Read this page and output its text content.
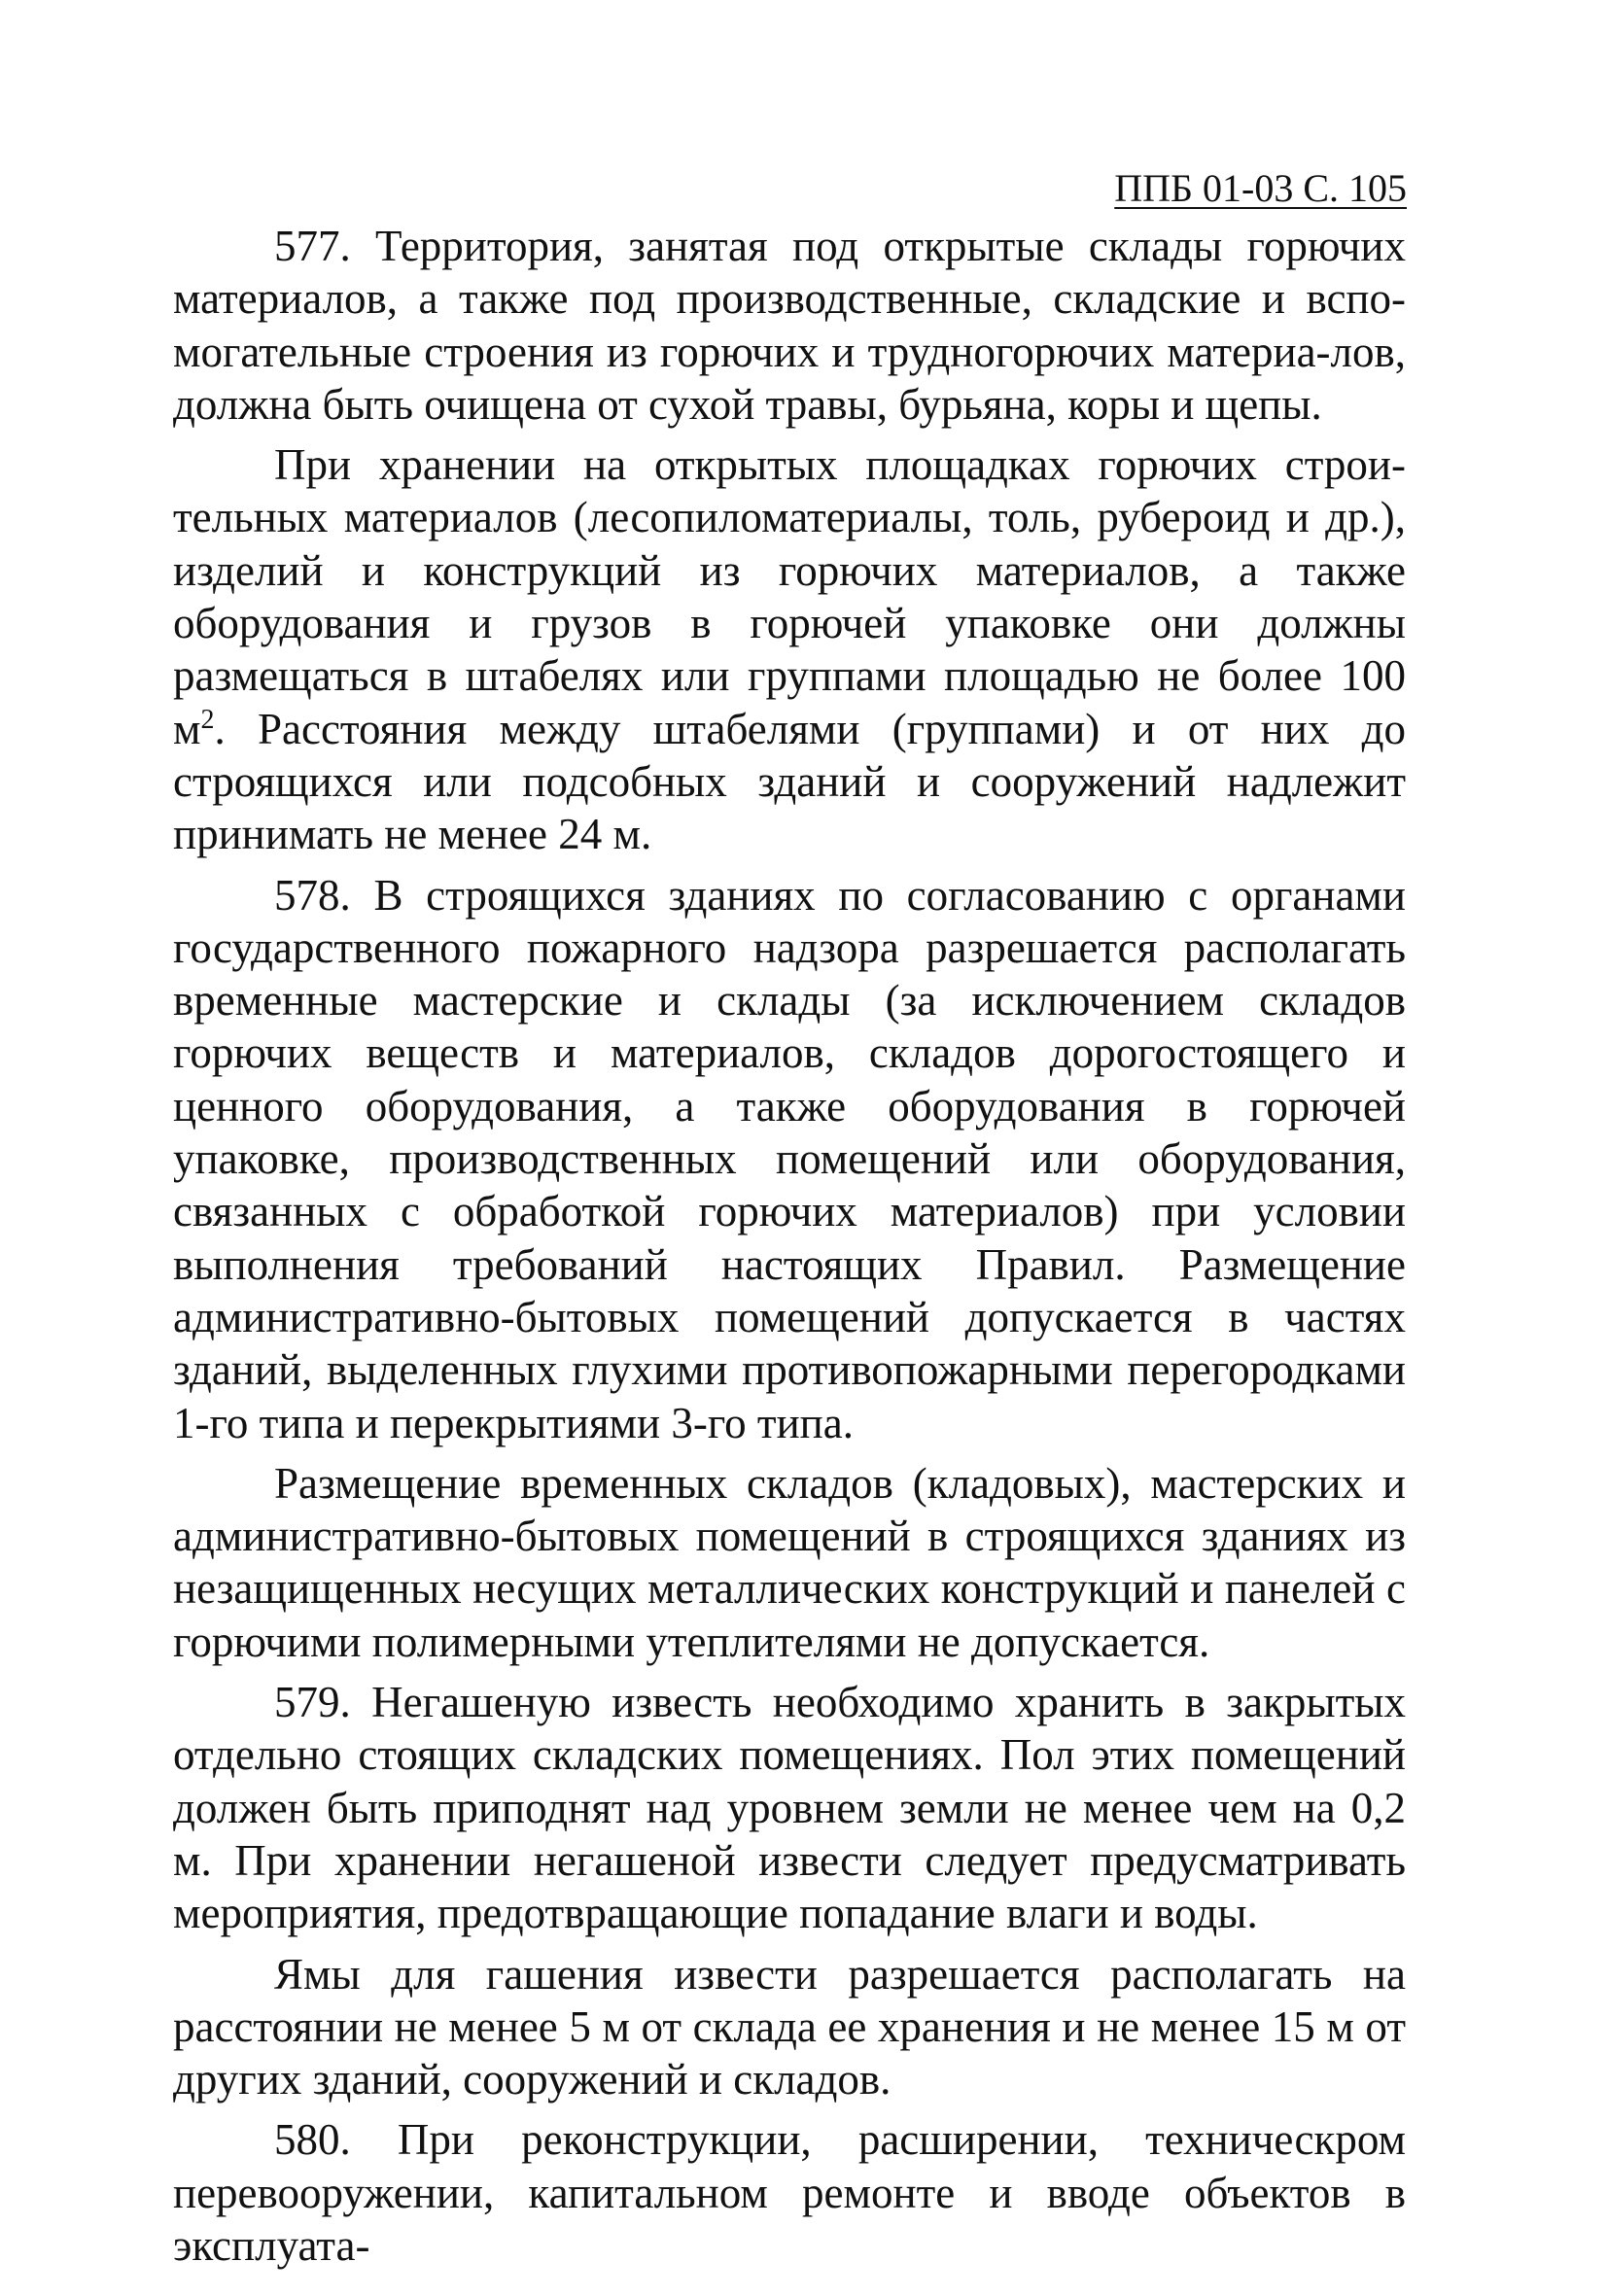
ППБ 01-03 С. 105

577. Территория, занятая под открытые склады горючих материалов, а также под производственные, складские и вспо-могательные строения из горючих и трудногорючих материа-лов, должна быть очищена от сухой травы, бурьяна, коры и щепы.

При хранении на открытых площадках горючих строи-тельных материалов (лесопиломатериалы, толь, рубероид и др.), изделий и конструкций из горючих материалов, а также оборудования и грузов в горючей упаковке они должны размещаться в штабелях или группами площадью не более 100 $м^2$. Расстояния между штабелями (группами) и от них до строящихся или подсобных зданий и сооружений надлежит принимать не менее 24 м.

578. В строящихся зданиях по согласованию с органами государственного пожарного надзора разрешается располагать временные мастерские и склады (за исключением складов горючих веществ и материалов, складов дорогостоящего и ценного оборудования, а также оборудования в горючей упаковке, производственных помещений или оборудования, связанных с обработкой горючих материалов) при условии выполнения требований настоящих Правил. Размещение административно-бытовых помещений допускается в частях зданий, выделенных глухими противопожарными перегородками 1-го типа и перекрытиями 3-го типа.

Размещение временных складов (кладовых), мастерских и административно-бытовых помещений в строящихся зданиях из незащищенных несущих металлических конструкций и панелей с горючими полимерными утеплителями не допускается.

579. Негашеную известь необходимо хранить в закрытых отдельно стоящих складских помещениях. Пол этих помещений должен быть приподнят над уровнем земли не менее чем на 0,2 м. При хранении негашеной извести следует предусматривать мероприятия, предотвращающие попадание влаги и воды.

Ямы для гашения извести разрешается располагать на расстоянии не менее 5 м от склада ее хранения и не менее 15 м от других зданий, сооружений и складов.

580. При реконструкции, расширении, техническром перевооружении, капитальном ремонте и вводе объектов в эксплуата-
